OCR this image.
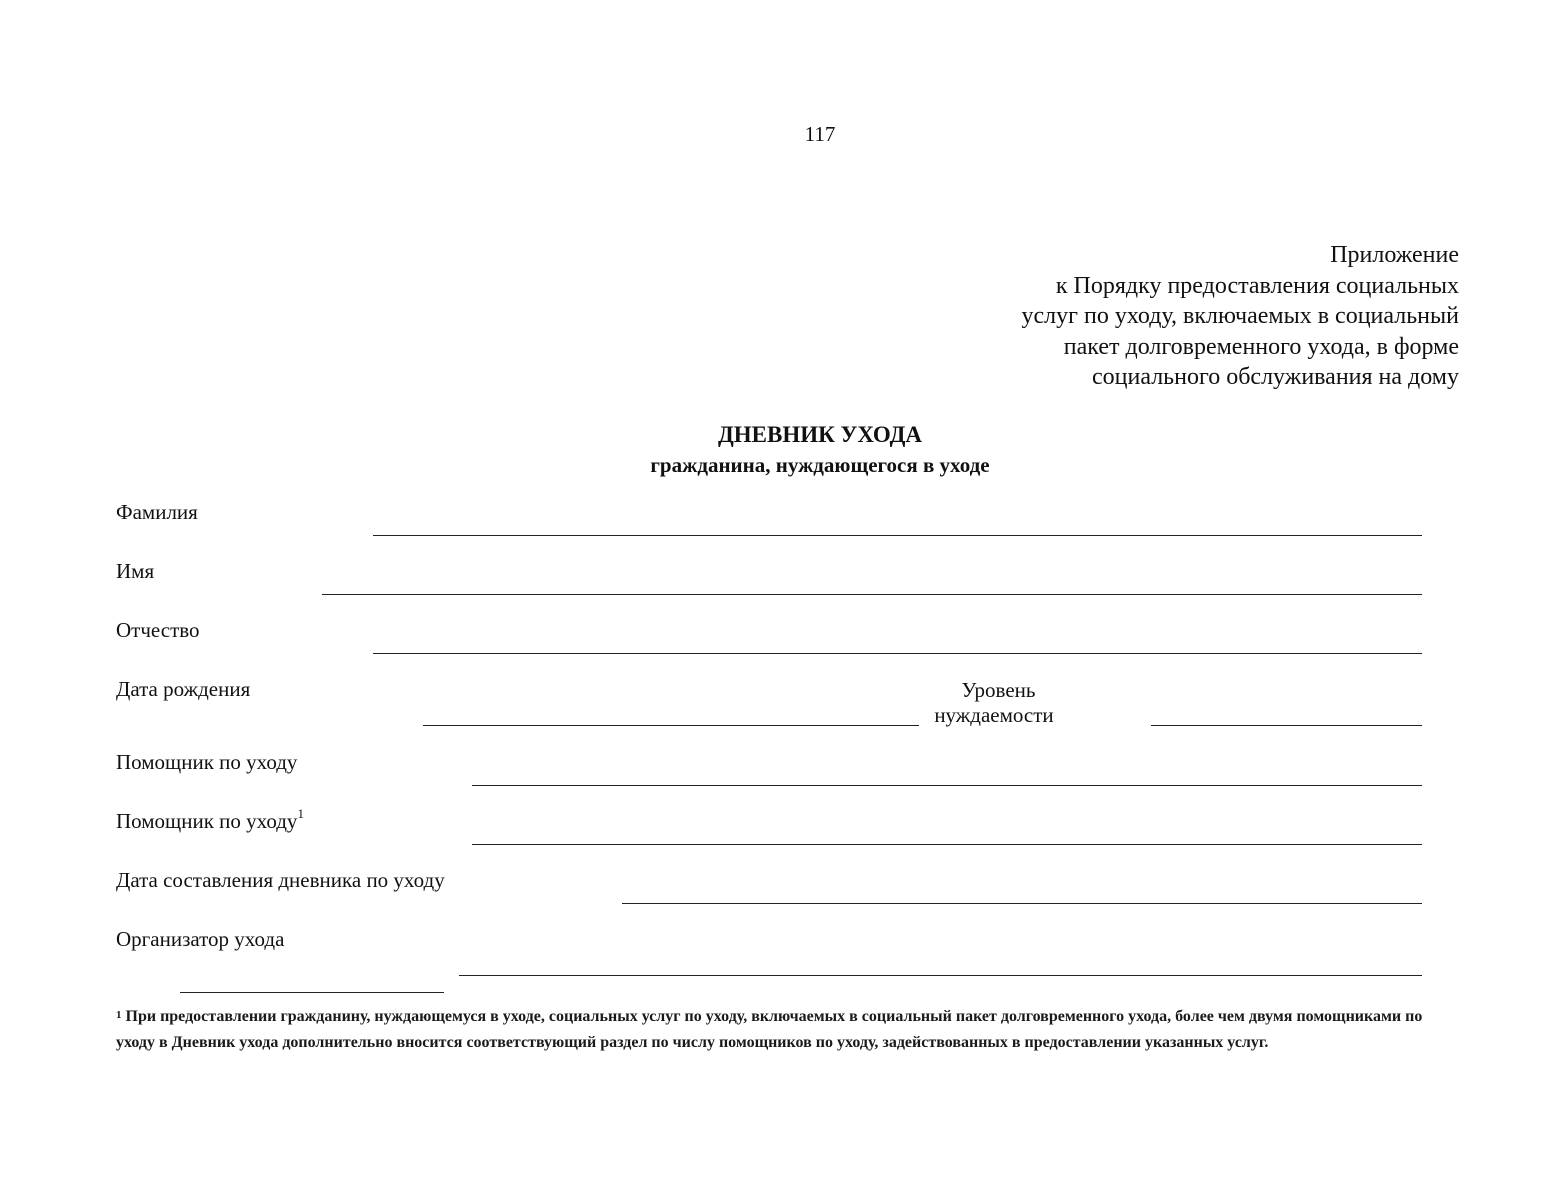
117
Приложение
к Порядку предоставления социальных
услуг по уходу, включаемых в социальный
пакет долговременного ухода, в форме
социального обслуживания на дому
ДНЕВНИК УХОДА
гражданина, нуждающегося в уходе
Фамилия
Имя
Отчество
Дата рождения	Уровень
нуждаемости
Помощник по уходу
Помощник по уходу$^1$
Дата составления дневника по уходу
Организатор ухода
$^1$ При предоставлении гражданину, нуждающемуся в уходе, социальных услуг по уходу, включаемых в социальный пакет долговременного ухода, более чем двумя помощниками по уходу в Дневник ухода дополнительно вносится соответствующий раздел по числу помощников по уходу, задействованных в предоставлении указанных услуг.
